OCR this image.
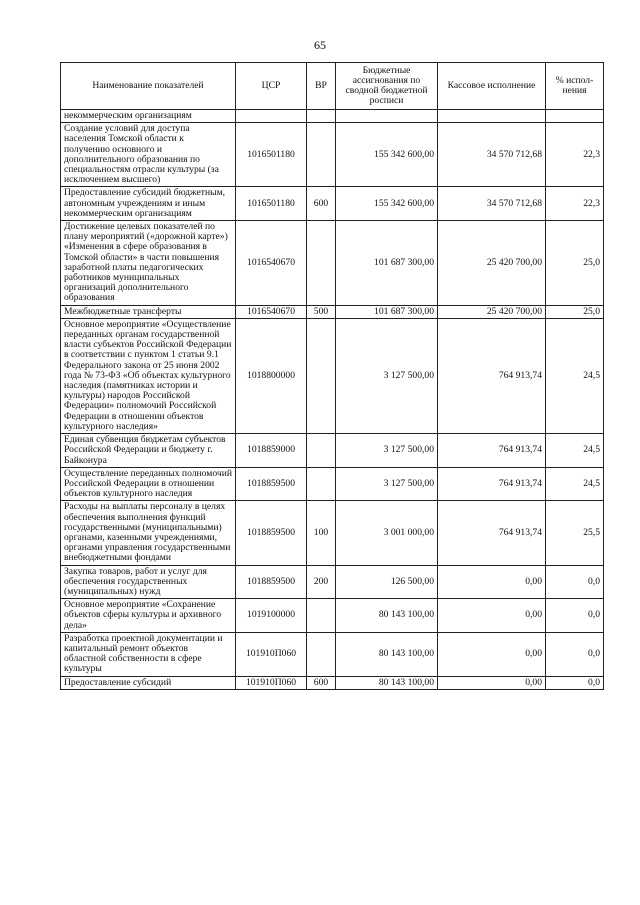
65
Наименование показателей	ЦСР	ВР	Бюджетные ассигнования по сводной бюджетной росписи	Кассовое исполнение	% испол-нения
некоммерческим организациям					
Создание условий для доступа населения Томской области к получению основного и дополнительного образования по специальностям отрасли культуры (за исключением высшего)	1016501180		155 342 600,00	34 570 712,68	22,3
Предоставление субсидий бюджетным, автономным учреждениям и иным некоммерческим организациям	1016501180	600	155 342 600,00	34 570 712,68	22,3
Достижение целевых показателей по плану мероприятий («дорожной карте») «Изменения в сфере образования в Томской области» в части повышения заработной платы педагогических работников муниципальных организаций дополнительного образования	1016540670		101 687 300,00	25 420 700,00	25,0
Межбюджетные трансферты	1016540670	500	101 687 300,00	25 420 700,00	25,0
Основное мероприятие «Осуществление переданных органам государственной власти субъектов Российской Федерации в соответствии с пунктом 1 статьи 9.1 Федерального закона от 25 июня 2002 года № 73-ФЗ «Об объектах культурного наследия (памятниках истории и культуры) народов Российской Федерации» полномочий Российской Федерации в отношении объектов культурного наследия»	1018800000		3 127 500,00	764 913,74	24,5
Единая субвенция бюджетам субъектов Российской Федерации и бюджету г. Байконура	1018859000		3 127 500,00	764 913,74	24,5
Осуществление переданных полномочий Российской Федерации в отношении объектов культурного наследия	1018859500		3 127 500,00	764 913,74	24,5
Расходы на выплаты персоналу в целях обеспечения выполнения функций государственными (муниципальными) органами, казенными учреждениями, органами управления государственными внебюджетными фондами	1018859500	100	3 001 000,00	764 913,74	25,5
Закупка товаров, работ и услуг для обеспечения государственных (муниципальных) нужд	1018859500	200	126 500,00	0,00	0,0
Основное мероприятие «Сохранение объектов сферы культуры и архивного дела»	1019100000		80 143 100,00	0,00	0,0
Разработка проектной документации и капитальный ремонт объектов областной собственности в сфере культуры	101910П060		80 143 100,00	0,00	0,0
Предоставление субсидий	101910П060	600	80 143 100,00	0,00	0,0
